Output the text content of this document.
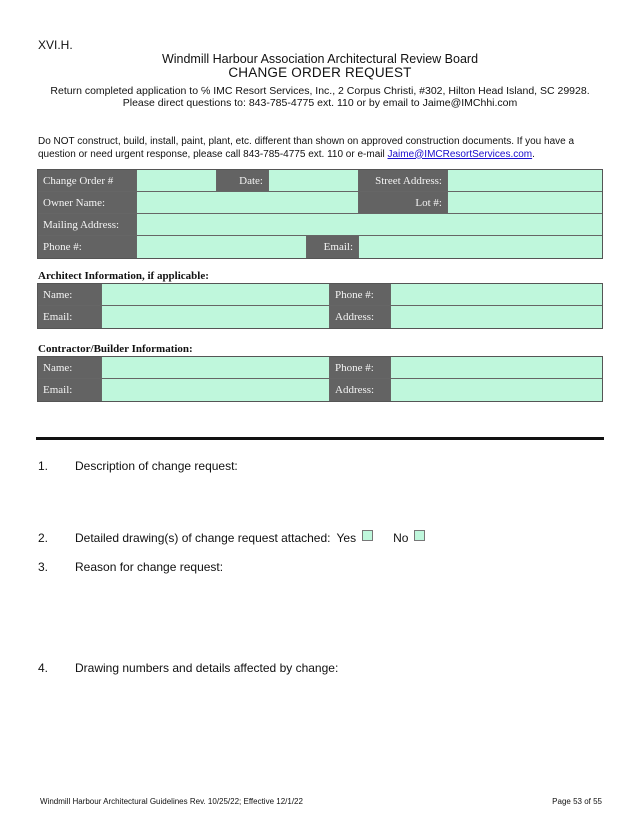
XVI.H.
Windmill Harbour Association Architectural Review Board
CHANGE ORDER REQUEST
Return completed application to ℅ IMC Resort Services, Inc., 2 Corpus Christi, #302, Hilton Head Island, SC 29928.
Please direct questions to: 843-785-4775 ext. 110 or by email to Jaime@IMChhi.com
Do NOT construct, build, install, paint, plant, etc. different than shown on approved construction documents. If you have a question or need urgent response, please call 843-785-4775 ext. 110 or e-mail Jaime@IMCResortServices.com.
Change Order #	Date:	Street Address:
Owner Name:	Lot #:
Mailing Address:
Phone #:	Email:
Architect Information, if applicable:
Name:	Phone #:
Email:	Address:
Contractor/Builder Information:
Name:	Phone #:
Email:	Address:
1.	Description of change request:
2.	Detailed drawing(s) of change request attached: Yes	No
3.	Reason for change request:
4.	Drawing numbers and details affected by change:
Windmill Harbour Architectural Guidelines Rev. 10/25/22; Effective 12/1/22	Page 53 of 55
